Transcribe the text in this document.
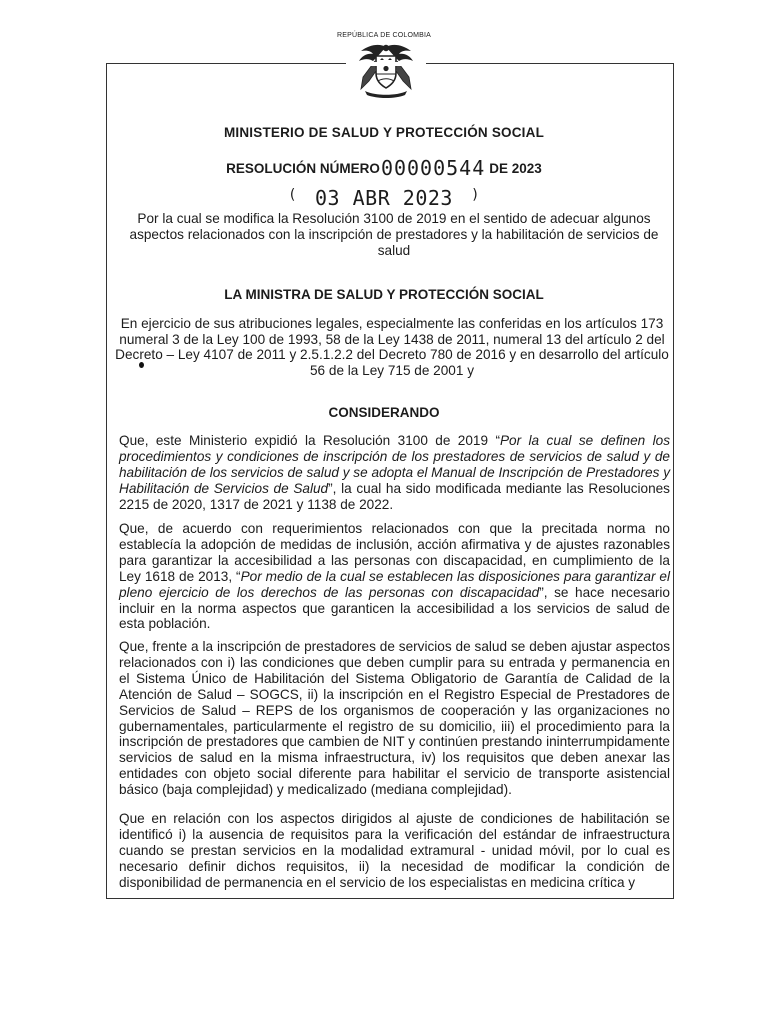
REPÚBLICA DE COLOMBIA
MINISTERIO DE SALUD Y PROTECCIÓN SOCIAL
RESOLUCIÓN NÚMERO00000544 DE 2023
( 03 ABR 2023 )
Por la cual se modifica la Resolución 3100 de 2019 en el sentido de adecuar algunos aspectos relacionados con la inscripción de prestadores y la habilitación de servicios de salud
LA MINISTRA DE SALUD Y PROTECCIÓN SOCIAL
En ejercicio de sus atribuciones legales, especialmente las conferidas en los artículos 173 numeral 3 de la Ley 100 de 1993, 58 de la Ley 1438 de 2011, numeral 13 del artículo 2 del Decreto – Ley 4107 de 2011 y 2.5.1.2.2 del Decreto 780 de 2016 y en desarrollo del artículo 56 de la Ley 715 de 2001 y
CONSIDERANDO
Que, este Ministerio expidió la Resolución 3100 de 2019 “Por la cual se definen los procedimientos y condiciones de inscripción de los prestadores de servicios de salud y de habilitación de los servicios de salud y se adopta el Manual de Inscripción de Prestadores y Habilitación de Servicios de Salud”, la cual ha sido modificada mediante las Resoluciones 2215 de 2020, 1317 de 2021 y 1138 de 2022.
Que, de acuerdo con requerimientos relacionados con que la precitada norma no establecía la adopción de medidas de inclusión, acción afirmativa y de ajustes razonables para garantizar la accesibilidad a las personas con discapacidad, en cumplimiento de la Ley 1618 de 2013, “Por medio de la cual se establecen las disposiciones para garantizar el pleno ejercicio de los derechos de las personas con discapacidad”, se hace necesario incluir en la norma aspectos que garanticen la accesibilidad a los servicios de salud de esta población.
Que, frente a la inscripción de prestadores de servicios de salud se deben ajustar aspectos relacionados con i) las condiciones que deben cumplir para su entrada y permanencia en el Sistema Único de Habilitación del Sistema Obligatorio de Garantía de Calidad de la Atención de Salud – SOGCS, ii) la inscripción en el Registro Especial de Prestadores de Servicios de Salud – REPS de los organismos de cooperación y las organizaciones no gubernamentales, particularmente el registro de su domicilio, iii) el procedimiento para la inscripción de prestadores que cambien de NIT y continúen prestando ininterrumpidamente servicios de salud en la misma infraestructura, iv) los requisitos que deben anexar las entidades con objeto social diferente para habilitar el servicio de transporte asistencial básico (baja complejidad) y medicalizado (mediana complejidad).
Que en relación con los aspectos dirigidos al ajuste de condiciones de habilitación se identificó i) la ausencia de requisitos para la verificación del estándar de infraestructura cuando se prestan servicios en la modalidad extramural - unidad móvil, por lo cual es necesario definir dichos requisitos, ii) la necesidad de modificar la condición de disponibilidad de permanencia en el servicio de los especialistas en medicina crítica y
